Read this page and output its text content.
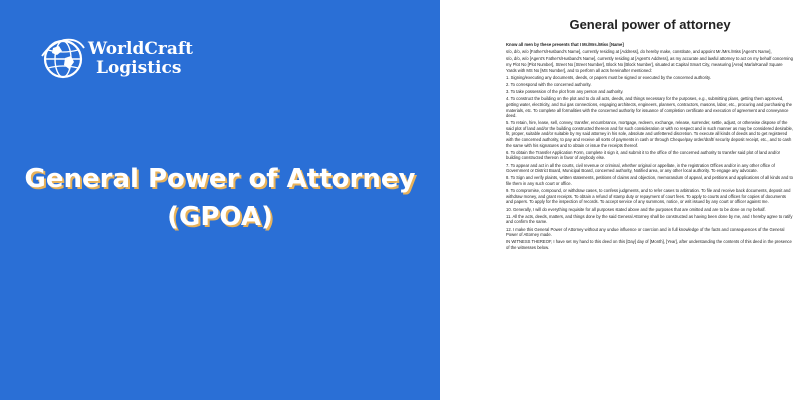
WorldCraft
Logistics
General Power of Attorney
(GPOA)
General power of attorney

Know all men by these presents that I Mr./Mrs./Miss [Name]

s/o, d/o, w/o [Father's/Husband's Name], currently residing at [Address], do hereby make, constitute, and appoint Mr./Mrs./Miss [Agent's Name],

s/o, d/o, w/o [Agent's Father's/Husband's Name], currently residing at [Agent's Address], as my accurate and lawful attorney to act on my behalf concerning my Plot No [Plot Number], Street No [Street Number], Block No [Block Number], situated at Capital Smart City, measuring [Area] Marla/Kanal/ Square Yards with MS No [MS Number], and to perform all acts hereinafter mentioned:

1. Signing/executing any documents, deeds, or papers must be signed or executed by the concerned authority.

2. To correspond with the concerned authority.

3. To take possession of the plot from any person and authority.

4. To construct the building on the plot and to do all acts, deeds, and things necessary for the purposes, e.g., submitting plans, getting them approved, getting water, electricity, and Sui gas connections, engaging architects, engineers, planners, contractors, masons, labor, etc., procuring and purchasing the materials, etc. To complete all formalities with the concerned authority for issuance of completion certificate and execution of agreement and conveyance deed.

5. To retain, hire, lease, sell, convey, transfer, encumbrance, mortgage, redeem, exchange, release, surrender, settle, adjust, or otherwise dispose of the said plot of land and/or the building constructed thereon and for such consideration or with no respect and in such manner as may be considered desirable, fit, proper, suitable and/or suitable by my said attorney in his sole, absolute and unfettered discretion. To execute all kinds of deeds and to get registered with the concerned authority, to pay and receive all sorts of payments in cash or through Cheque/pay order/draft/ security deposit receipt, etc., and to cash the same with his signatures and to obtain or issue the receipts thereof.

6. To obtain the Transfer Application Form, complete it sign it, and submit it to the office of the concerned authority to transfer said plot of land and/or building constructed thereon in favor of anybody else.

7. To appear and act in all the courts, civil revenue or criminal, whether original or appellate, in the registration Offices and/or in any other office of Government or District Board, Municipal Board, concerned authority, Notified area, or any other local authority. To engage any advocate.

8. To Sign and verify plaints, written statements, petitions of claims and objection, memorandum of appeal, and petitions and applications of all kinds and to file them in any such court or office.

9. To compromise, compound, or withdraw cases, to confess judgments, and to refer cases to arbitration. To file and receive back documents, deposit and withdraw money, and grant receipts. To obtain a refund of stamp duty or repayment of court fees. To apply to courts and offices for copies of documents and papers. To apply for the inspection of records. To accept service of any summons, notice, or writ issued by any court or officer against me.

10. Generally, I will do everything requisite for all purposes stated above and the purposes that are omitted and are to be done on my behalf.

11. All the acts, deeds, matters, and things done by the said General Attorney shall be constructed as having been done by me, and I hereby agree to ratify and confirm the same.

12. I make this General Power of Attorney without any undue influence or coercion and in full knowledge of the facts and consequences of the General Power of Attorney made.

IN WITNESS THEREOF, I have set my hand to this deed on this [Day] day of [Month], [Year], after understanding the contents of this deed in the presence of the witnesses below.
